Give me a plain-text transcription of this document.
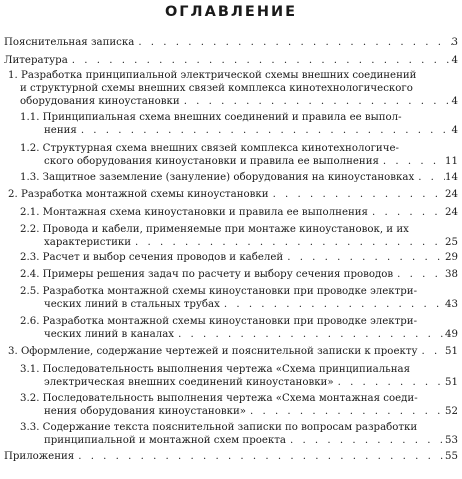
ОГЛАВЛЕНИЕ
Пояснительная записка . . .	3
Литература . . .	4
1. Разработка принципиальной электрической схемы внешних соединений
и структурной схемы внешних связей комплекса кинотехнологического
оборудования киноустановки . . .	4
1.1. Принципиальная схема внешних соединений и правила ее выпол-
нения . . .	4
1.2. Структурная схема внешних связей комплекса кинотехнологиче-
ского оборудования киноустановки и правила ее выполнения . . .	11
1.3. Защитное заземление (зануление) оборудования на киноустановках . . .	14
2. Разработка монтажной схемы киноустановки . . .	24
2.1. Монтажная схема киноустановки и правила ее выполнения . . .	24
2.2. Провода и кабели, применяемые при монтаже киноустановок, и их
характеристики . . .	25
2.3. Расчет и выбор сечения проводов и кабелей . . .	29
2.4. Примеры решения задач по расчету и выбору сечения проводов . . .	38
2.5. Разработка монтажной схемы киноустановки при проводке электри-
ческих линий в стальных трубах . . .	43
2.6. Разработка монтажной схемы киноустановки при проводке электри-
ческих линий в каналах . . .	49
3. Оформление, содержание чертежей и пояснительной записки к проекту . . .	51
3.1. Последовательность выполнения чертежа «Схема принципиальная
электрическая внешних соединений киноустановки» . . .	51
3.2. Последовательность выполнения чертежа «Схема монтажная соеди-
нения оборудования киноустановки» . . .	52
3.3. Содержание текста пояснительной записки по вопросам разработки
принципиальной и монтажной схем проекта . . .	53
Приложения . . .	55
